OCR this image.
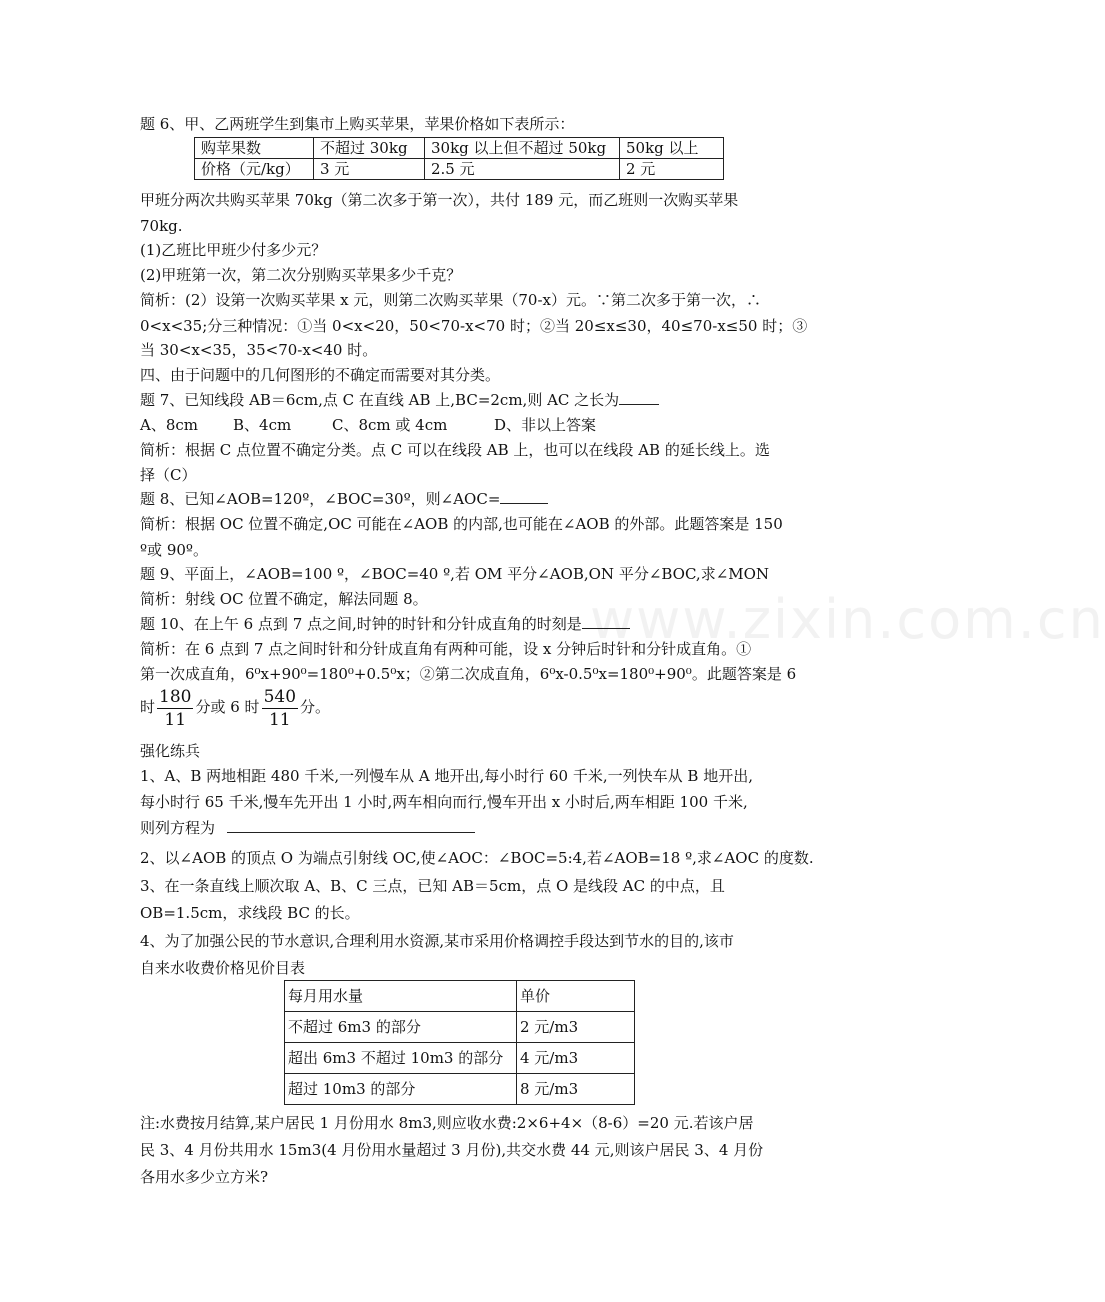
www.zixin.com.cn
题 6、甲、乙两班学生到集市上购买苹果，苹果价格如下表所示：
购苹果数	不超过 30kg	30kg 以上但不超过 50kg	50kg 以上
价格（元/kg）	3 元	2.5 元	2 元
甲班分两次共购买苹果 70kg（第二次多于第一次），共付 189 元，而乙班则一次购买苹果
70kg.
(1)乙班比甲班少付多少元？
(2)甲班第一次，第二次分别购买苹果多少千克？
简析：(2）设第一次购买苹果 x 元，则第二次购买苹果（70-x）元。∵第二次多于第一次，∴
0<x<35;分三种情况：①当 0<x<20，50<70-x<70 时；②当 20≤x≤30，40≤70-x≤50 时；③
当 30<x<35，35<70-x<40 时。
四、由于问题中的几何图形的不确定而需要对其分类。
题 7、已知线段 AB＝6cm,点 C 在直线 AB 上,BC=2cm,则 AC 之长为
A、8cm B、4cm	C、8cm 或 4cm	D、非以上答案
简析：根据 C 点位置不确定分类。点 C 可以在线段 AB 上，也可以在线段 AB 的延长线上。选
择（C）
题 8、已知∠AOB=120º，∠BOC=30º，则∠AOC=
简析：根据 OC 位置不确定,OC 可能在∠AOB 的内部,也可能在∠AOB 的外部。此题答案是 150
º或 90º。
题 9、平面上，∠AOB=100 º，∠BOC=40 º,若 OM 平分∠AOB,ON 平分∠BOC,求∠MON
简析：射线 OC 位置不确定，解法同题 8。
题 10、在上午 6 点到 7 点之间,时钟的时针和分针成直角的时刻是
简析：在 6 点到 7 点之间时针和分针成直角有两种可能，设 x 分钟后时针和分针成直角。①
第一次成直角，6⁰x+90⁰=180⁰+0.5⁰x；②第二次成直角，6⁰x-0.5⁰x=180⁰+90⁰。此题答案是 6
时 $\frac{180}{11}$ 分或 6 时 $\frac{540}{11}$ 分。
强化练兵
1、A、B 两地相距 480 千米,一列慢车从 A 地开出,每小时行 60 千米,一列快车从 B 地开出,
每小时行 65 千米,慢车先开出 1 小时,两车相向而行,慢车开出 x 小时后,两车相距 100 千米,
则列方程为
2、以∠AOB 的顶点 O 为端点引射线 OC,使∠AOC：∠BOC=5:4,若∠AOB=18 º,求∠AOC 的度数.
3、在一条直线上顺次取 A、B、C 三点，已知 AB＝5cm，点 O 是线段 AC 的中点，且
OB=1.5cm，求线段 BC 的长。
4、为了加强公民的节水意识,合理利用水资源,某市采用价格调控手段达到节水的目的,该市
自来水收费价格见价目表
每月用水量	单价
不超过 6m3 的部分	2 元/m3
超出 6m3 不超过 10m3 的部分	4 元/m3
超过 10m3 的部分	8 元/m3
注:水费按月结算,某户居民 1 月份用水 8m3,则应收水费:2×6+4×（8-6）=20 元.若该户居
民 3、4 月份共用水 15m3(4 月份用水量超过 3 月份),共交水费 44 元,则该户居民 3、4 月份
各用水多少立方米?
